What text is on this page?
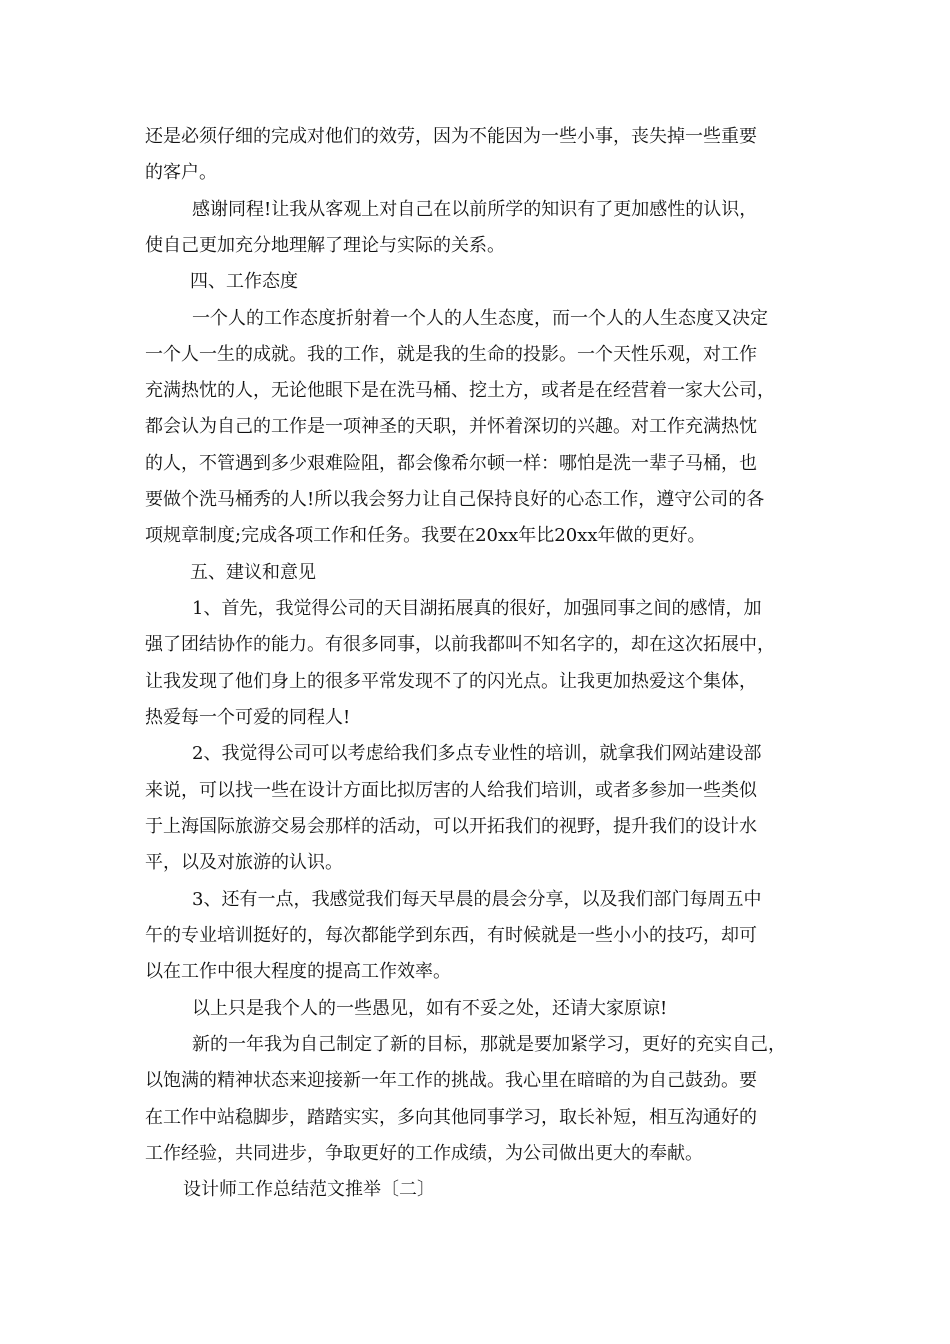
还是必须仔细的完成对他们的效劳，因为不能因为一些小事，丧失掉一些重要
的客户。
感谢同程!让我从客观上对自己在以前所学的知识有了更加感性的认识，
使自己更加充分地理解了理论与实际的关系。
四、工作态度
一个人的工作态度折射着一个人的人生态度，而一个人的人生态度又决定
一个人一生的成就。我的工作，就是我的生命的投影。一个天性乐观，对工作
充满热忱的人，无论他眼下是在洗马桶、挖土方，或者是在经营着一家大公司，
都会认为自己的工作是一项神圣的天职，并怀着深切的兴趣。对工作充满热忱
的人，不管遇到多少艰难险阻，都会像希尔顿一样：哪怕是洗一辈子马桶，也
要做个洗马桶秀的人!所以我会努力让自己保持良好的心态工作，遵守公司的各
项规章制度;完成各项工作和任务。我要在20xx年比20xx年做的更好。
五、建议和意见
1、首先，我觉得公司的天目湖拓展真的很好，加强同事之间的感情，加
强了团结协作的能力。有很多同事，以前我都叫不知名字的，却在这次拓展中，
让我发现了他们身上的很多平常发现不了的闪光点。让我更加热爱这个集体，
热爱每一个可爱的同程人!
2、我觉得公司可以考虑给我们多点专业性的培训，就拿我们网站建设部
来说，可以找一些在设计方面比拟厉害的人给我们培训，或者多参加一些类似
于上海国际旅游交易会那样的活动，可以开拓我们的视野，提升我们的设计水
平，以及对旅游的认识。
3、还有一点，我感觉我们每天早晨的晨会分享，以及我们部门每周五中
午的专业培训挺好的，每次都能学到东西，有时候就是一些小小的技巧，却可
以在工作中很大程度的提高工作效率。
以上只是我个人的一些愚见，如有不妥之处，还请大家原谅!
新的一年我为自己制定了新的目标，那就是要加紧学习，更好的充实自己，
以饱满的精神状态来迎接新一年工作的挑战。我心里在暗暗的为自己鼓劲。要
在工作中站稳脚步，踏踏实实，多向其他同事学习，取长补短，相互沟通好的
工作经验，共同进步，争取更好的工作成绩，为公司做出更大的奉献。
设计师工作总结范文推举〔二〕
